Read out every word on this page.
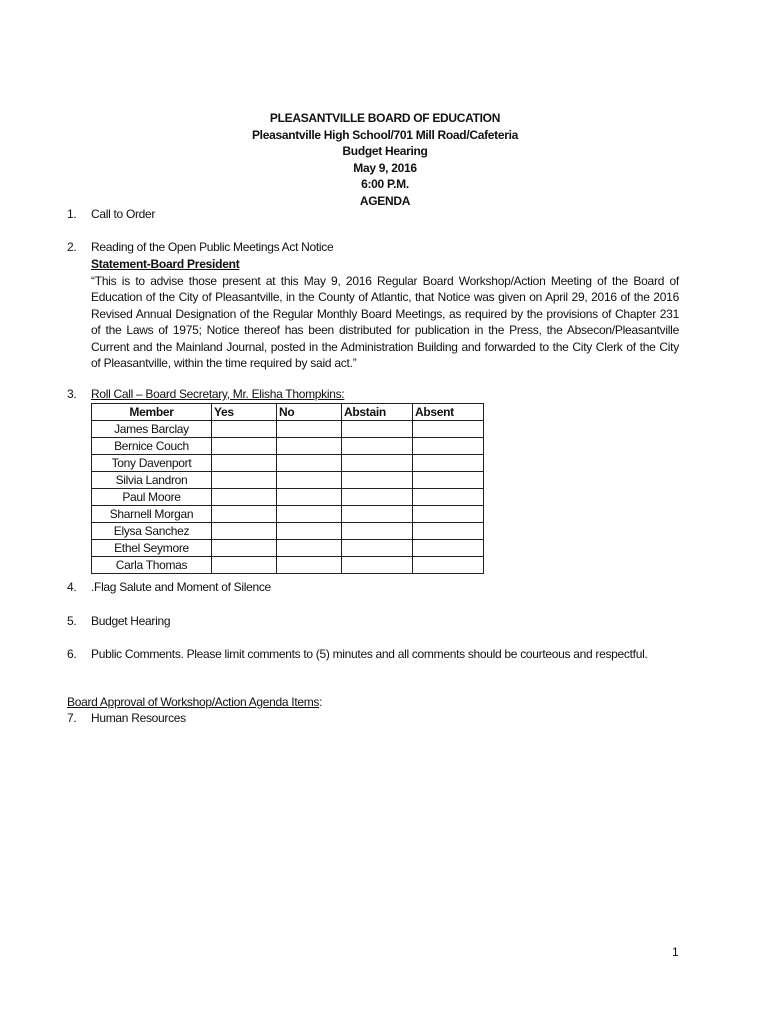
PLEASANTVILLE BOARD OF EDUCATION
Pleasantville High School/701 Mill Road/Cafeteria
Budget Hearing
May 9, 2016
6:00 P.M.
AGENDA
1. Call to Order
2. Reading of the Open Public Meetings Act Notice
Statement-Board President
“This is to advise those present at this May 9, 2016 Regular Board Workshop/Action Meeting of the Board of Education of the City of Pleasantville, in the County of Atlantic, that Notice was given on April 29, 2016 of the 2016 Revised Annual Designation of the Regular Monthly Board Meetings, as required by the provisions of Chapter 231 of the Laws of 1975; Notice thereof has been distributed for publication in the Press, the Absecon/Pleasantville Current and the Mainland Journal, posted in the Administration Building and forwarded to the City Clerk of the City of Pleasantville, within the time required by said act.”
3. Roll Call – Board Secretary, Mr. Elisha Thompkins:
Member	Yes	No	Abstain	Absent
James Barclay				
Bernice Couch				
Tony Davenport				
Silvia Landron				
Paul Moore				
Sharnell Morgan				
Elysa Sanchez				
Ethel Seymore				
Carla Thomas				
4. .Flag Salute and Moment of Silence
5. Budget Hearing
6. Public Comments. Please limit comments to (5) minutes and all comments should be courteous and respectful.
Board Approval of Workshop/Action Agenda Items:
7. Human Resources
1
